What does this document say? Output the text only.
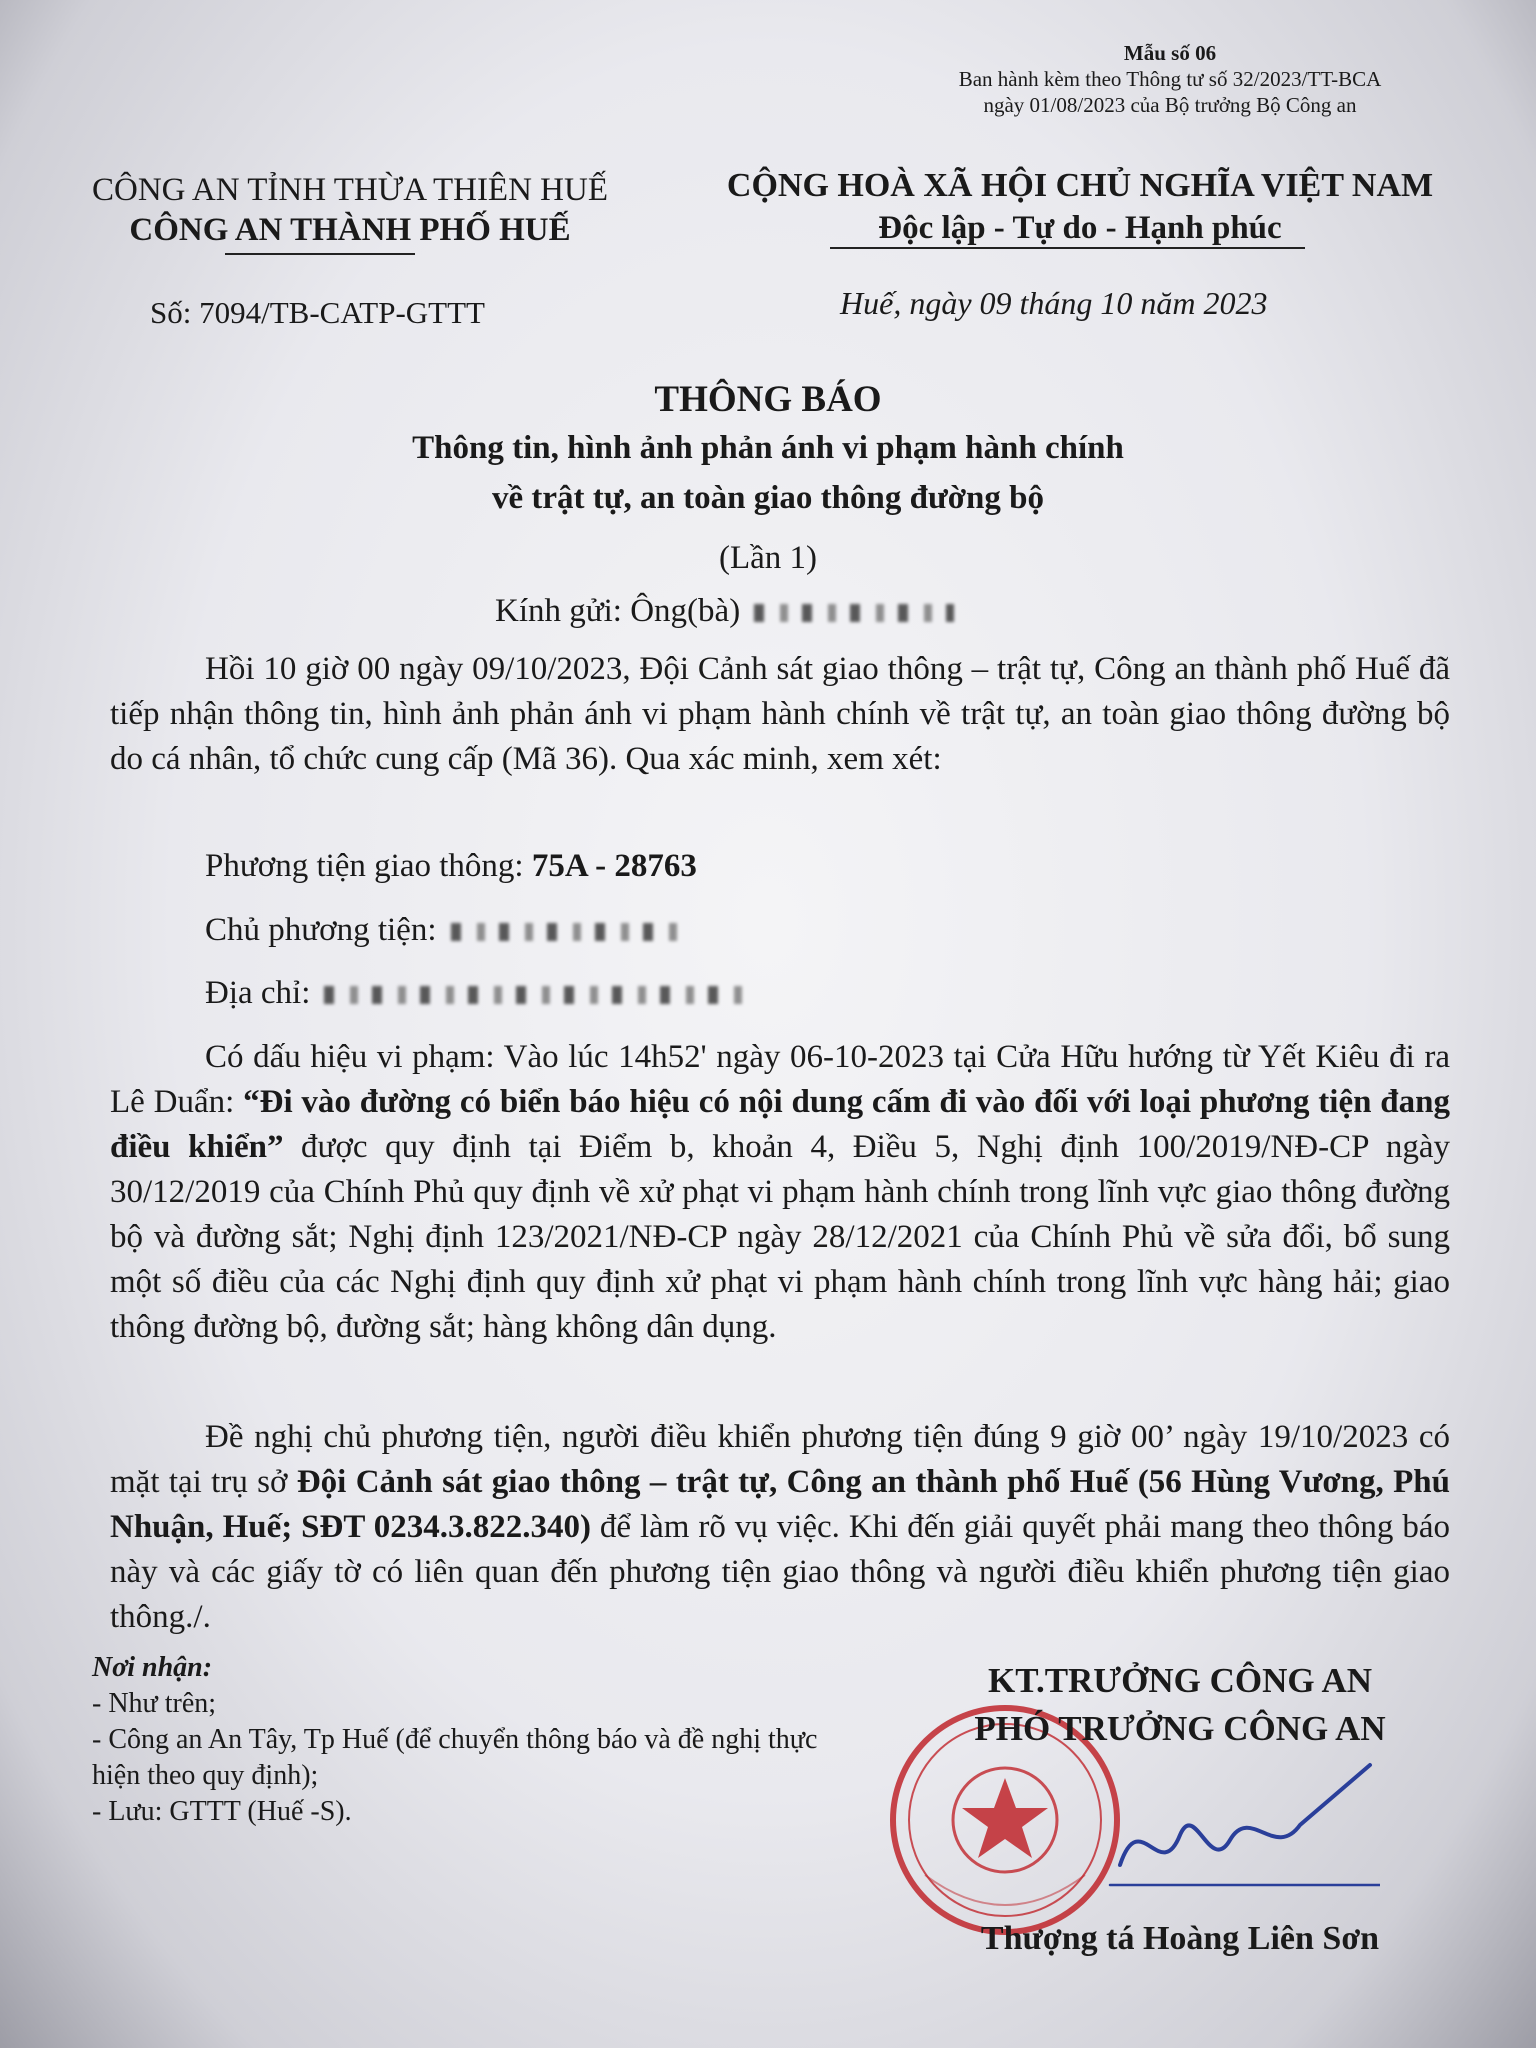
Mẫu số 06
Ban hành kèm theo Thông tư số 32/2023/TT-BCA
ngày 01/08/2023 của Bộ trưởng Bộ Công an
CÔNG AN TỈNH THỪA THIÊN HUẾ
CÔNG AN THÀNH PHỐ HUẾ
CỘNG HOÀ XÃ HỘI CHỦ NGHĨA VIỆT NAM
Độc lập - Tự do - Hạnh phúc
Số: 7094/TB-CATP-GTTT	Huế, ngày 09 tháng 10 năm 2023
THÔNG BÁO
Thông tin, hình ảnh phản ánh vi phạm hành chính
về trật tự, an toàn giao thông đường bộ
(Lần 1)
Kính gửi: Ông(bà)
Hồi 10 giờ 00 ngày 09/10/2023, Đội Cảnh sát giao thông – trật tự, Công an thành phố Huế đã tiếp nhận thông tin, hình ảnh phản ánh vi phạm hành chính về trật tự, an toàn giao thông đường bộ do cá nhân, tổ chức cung cấp (Mã 36). Qua xác minh, xem xét:
Phương tiện giao thông: 75A - 28763
Chủ phương tiện:
Địa chỉ:
Có dấu hiệu vi phạm: Vào lúc 14h52' ngày 06-10-2023 tại Cửa Hữu hướng từ Yết Kiêu đi ra Lê Duẩn: “Đi vào đường có biển báo hiệu có nội dung cấm đi vào đối với loại phương tiện đang điều khiển” được quy định tại Điểm b, khoản 4, Điều 5, Nghị định 100/2019/NĐ-CP ngày 30/12/2019 của Chính Phủ quy định về xử phạt vi phạm hành chính trong lĩnh vực giao thông đường bộ và đường sắt; Nghị định 123/2021/NĐ-CP ngày 28/12/2021 của Chính Phủ về sửa đổi, bổ sung một số điều của các Nghị định quy định xử phạt vi phạm hành chính trong lĩnh vực hàng hải; giao thông đường bộ, đường sắt; hàng không dân dụng.
Đề nghị chủ phương tiện, người điều khiển phương tiện đúng 9 giờ 00’ ngày 19/10/2023 có mặt tại trụ sở Đội Cảnh sát giao thông – trật tự, Công an thành phố Huế (56 Hùng Vương, Phú Nhuận, Huế; SĐT 0234.3.822.340) để làm rõ vụ việc. Khi đến giải quyết phải mang theo thông báo này và các giấy tờ có liên quan đến phương tiện giao thông và người điều khiển phương tiện giao thông./.
Nơi nhận:
- Như trên;
- Công an An Tây, Tp Huế (để chuyển thông báo và đề nghị thực hiện theo quy định);
- Lưu: GTTT (Huế -S).
KT.TRƯỞNG CÔNG AN
PHÓ TRƯỞNG CÔNG AN
Thượng tá Hoàng Liên Sơn
